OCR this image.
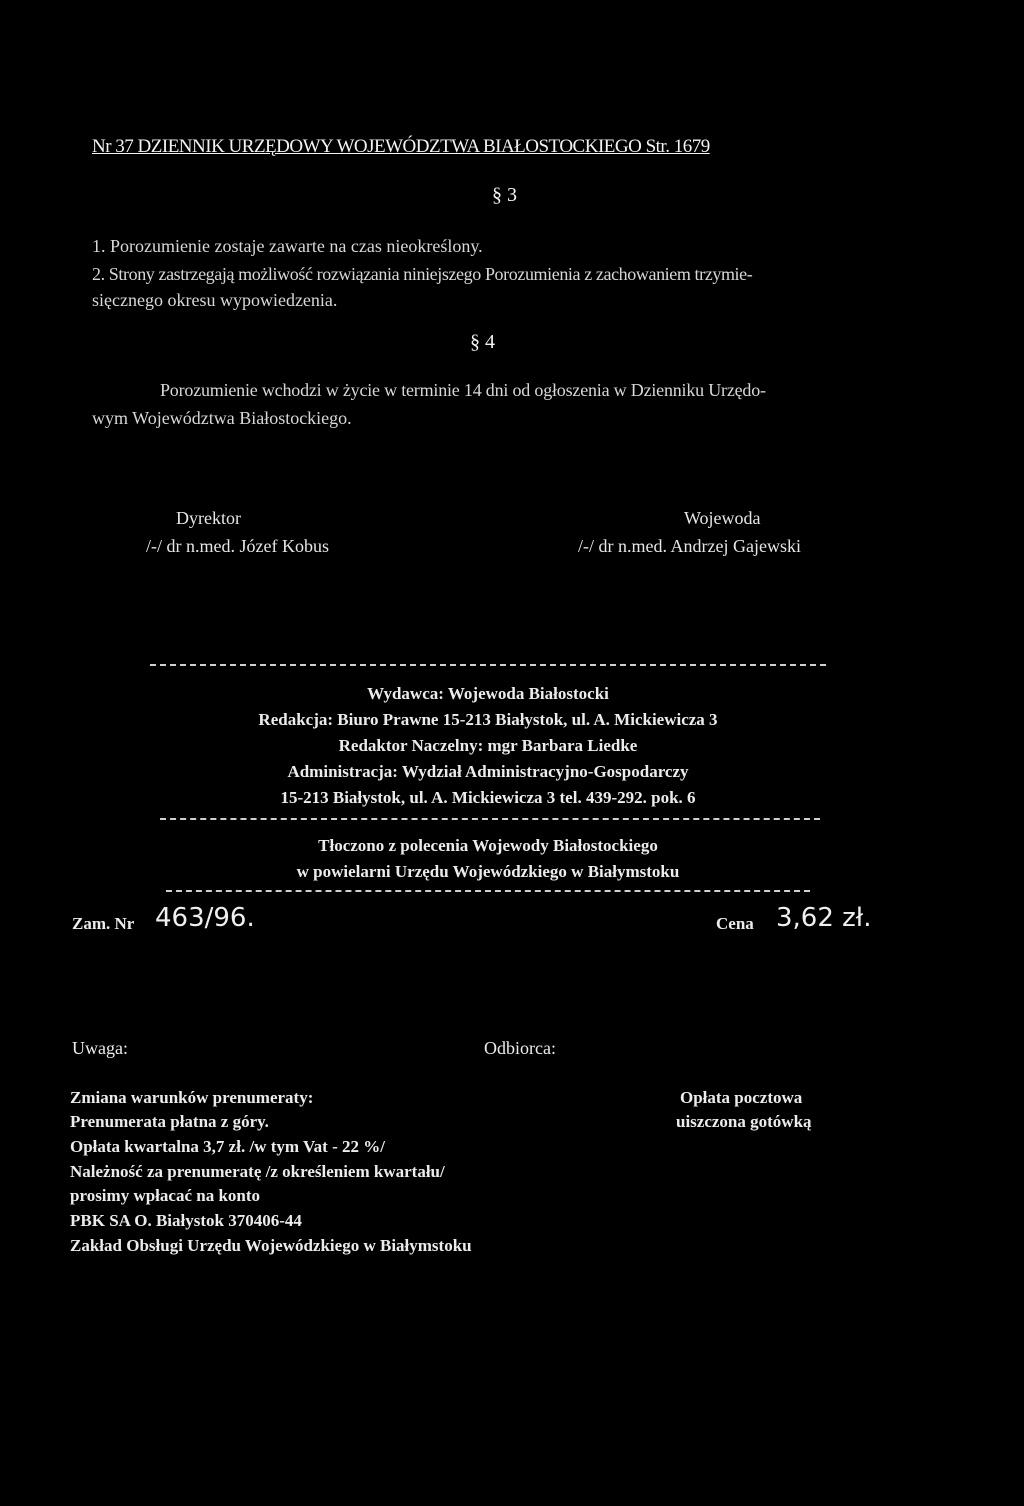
Nr 37 DZIENNIK URZĘDOWY WOJEWÓDZTWA BIAŁOSTOCKIEGO Str. 1679
§ 3
1. Porozumienie zostaje zawarte na czas nieokreślony.
2. Strony zastrzegają możliwość rozwiązania niniejszego Porozumienia z zachowaniem trzymie-
sięcznego okresu wypowiedzenia.
§ 4
Porozumienie wchodzi w życie w terminie 14 dni od ogłoszenia w Dzienniku Urzędo-
wym Województwa Białostockiego.
Dyrektor
/-/ dr n.med. Józef Kobus
Wojewoda
/-/ dr n.med. Andrzej Gajewski
Wydawca: Wojewoda Białostocki
Redakcja: Biuro Prawne 15-213 Białystok, ul. A. Mickiewicza 3
Redaktor Naczelny: mgr Barbara Liedke
Administracja: Wydział Administracyjno-Gospodarczy
15-213 Białystok, ul. A. Mickiewicza 3 tel. 439-292. pok. 6
Tłoczono z polecenia Wojewody Białostockiego
w powielarni Urzędu Wojewódzkiego w Białymstoku
Zam. Nr 463/96.	Cena 3,62 zł.
Uwaga:	Odbiorca:
Zmiana warunków prenumeraty:
Prenumerata płatna z góry.
Opłata kwartalna 3,7 zł. /w tym Vat - 22 %/
Należność za prenumeratę /z określeniem kwartału/
prosimy wpłacać na konto
PBK SA O. Białystok 370406-44
Zakład Obsługi Urzędu Wojewódzkiego w Białymstoku
Opłata pocztowa
uiszczona gotówką
